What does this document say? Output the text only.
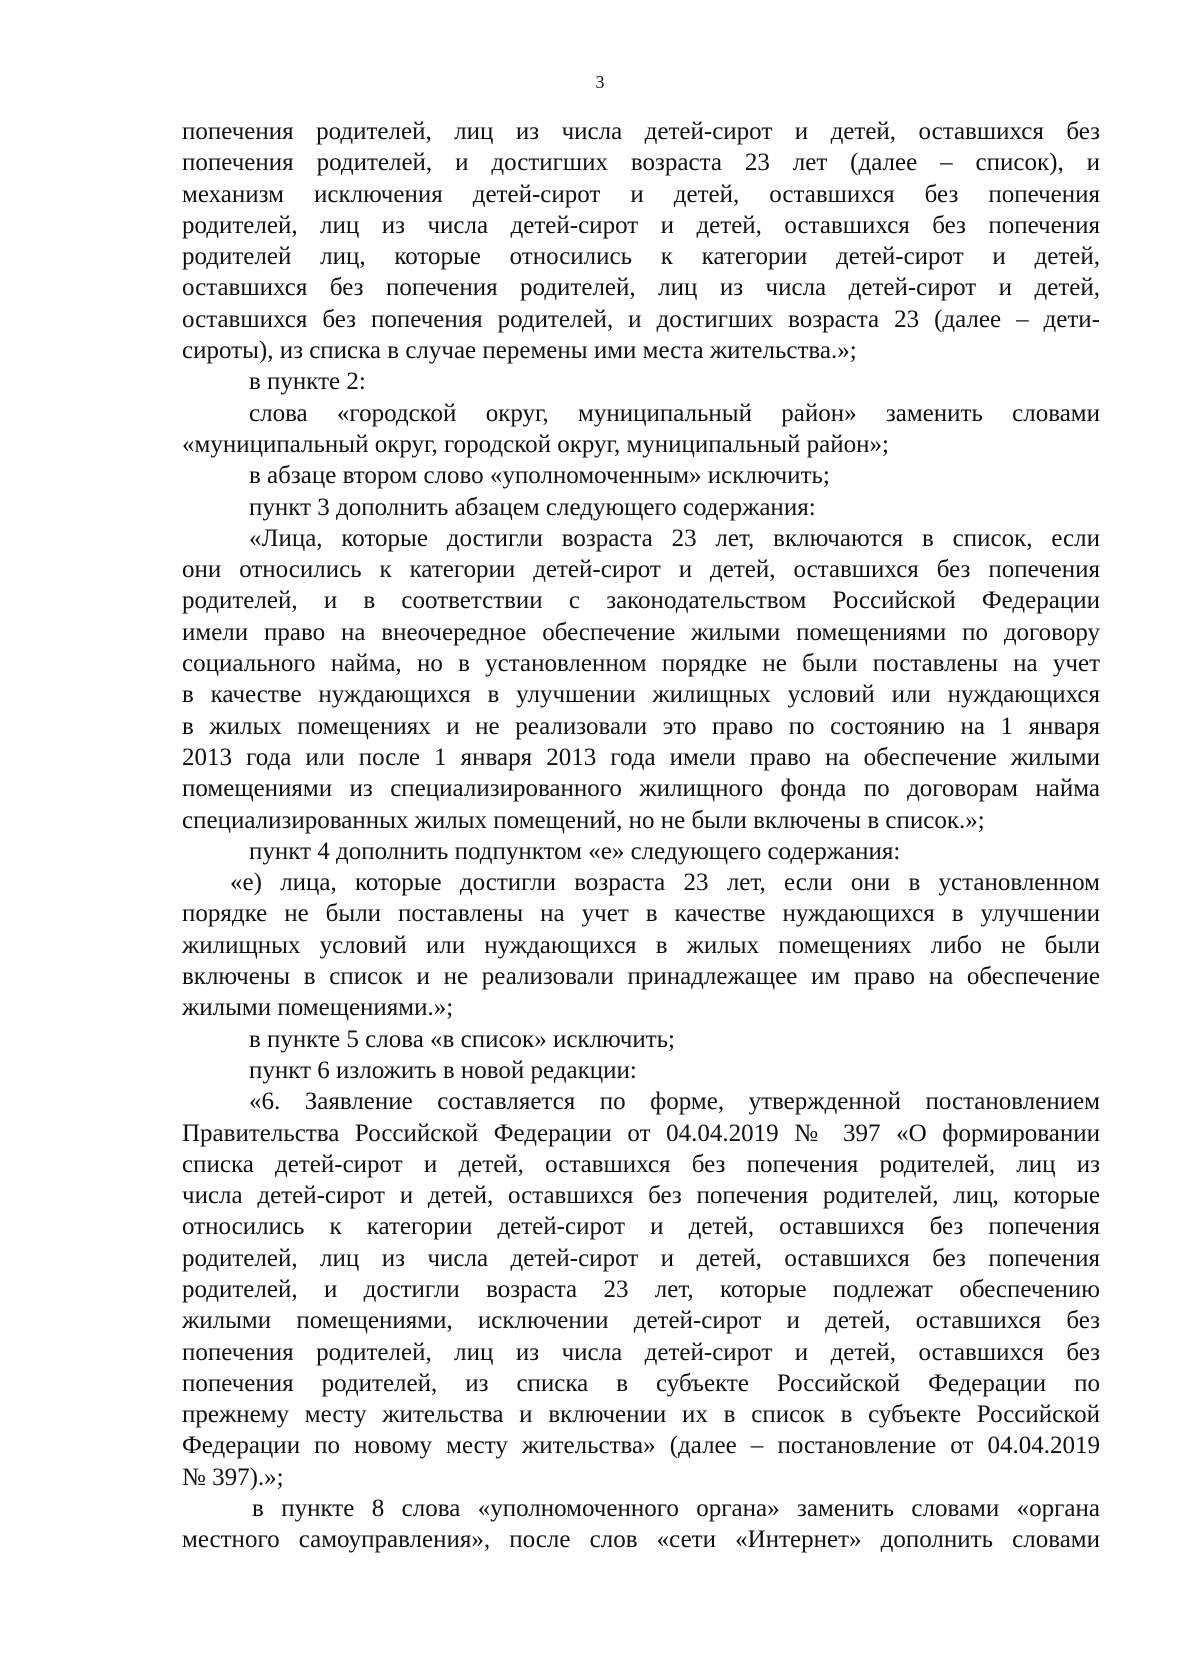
3

попечения родителей, лиц из числа детей-сирот и детей, оставшихся без

попечения родителей, и достигших возраста 23 лет (далее – список), и

механизм исключения детей-сирот и детей, оставшихся без попечения

родителей, лиц из числа детей-сирот и детей, оставшихся без попечения

родителей лиц, которые относились к категории детей-сирот и детей,

оставшихся без попечения родителей, лиц из числа детей-сирот и детей,

оставшихся без попечения родителей, и достигших возраста 23 (далее – дети-

сироты), из списка в случае перемены ими места жительства.»;

в пункте 2:

слова «городской округ, муниципальный район» заменить словами

«муниципальный округ, городской округ, муниципальный район»;

в абзаце втором слово «уполномоченным» исключить;

пункт 3 дополнить абзацем следующего содержания:

«Лица, которые достигли возраста 23 лет, включаются в список, если

они относились к категории детей-сирот и детей, оставшихся без попечения

родителей, и в соответствии с законодательством Российской Федерации

имели право на внеочередное обеспечение жилыми помещениями по договору

социального найма, но в установленном порядке не были поставлены на учет

в качестве нуждающихся в улучшении жилищных условий или нуждающихся

в жилых помещениях и не реализовали это право по состоянию на 1 января

2013 года или после 1 января 2013 года имели право на обеспечение жилыми

помещениями из специализированного жилищного фонда по договорам найма

специализированных жилых помещений, но не были включены в список.»;

пункт 4 дополнить подпунктом «е» следующего содержания:

«е) лица, которые достигли возраста 23 лет, если они в установленном

порядке не были поставлены на учет в качестве нуждающихся в улучшении

жилищных условий или нуждающихся в жилых помещениях либо не были

включены в список и не реализовали принадлежащее им право на обеспечение

жилыми помещениями.»;

в пункте 5 слова «в список» исключить;

пункт 6 изложить в новой редакции:

«6. Заявление составляется по форме, утвержденной постановлением

Правительства Российской Федерации от 04.04.2019 № 397 «О формировании

списка детей-сирот и детей, оставшихся без попечения родителей, лиц из

числа детей-сирот и детей, оставшихся без попечения родителей, лиц, которые

относились к категории детей-сирот и детей, оставшихся без попечения

родителей, лиц из числа детей-сирот и детей, оставшихся без попечения

родителей, и достигли возраста 23 лет, которые подлежат обеспечению

жилыми помещениями, исключении детей-сирот и детей, оставшихся без

попечения родителей, лиц из числа детей-сирот и детей, оставшихся без

попечения родителей, из списка в субъекте Российской Федерации по

прежнему месту жительства и включении их в список в субъекте Российской

Федерации по новому месту жительства» (далее – постановление от 04.04.2019

№ 397).»;

в пункте 8 слова «уполномоченного органа» заменить словами «органа

местного самоуправления», после слов «сети «Интернет» дополнить словами
